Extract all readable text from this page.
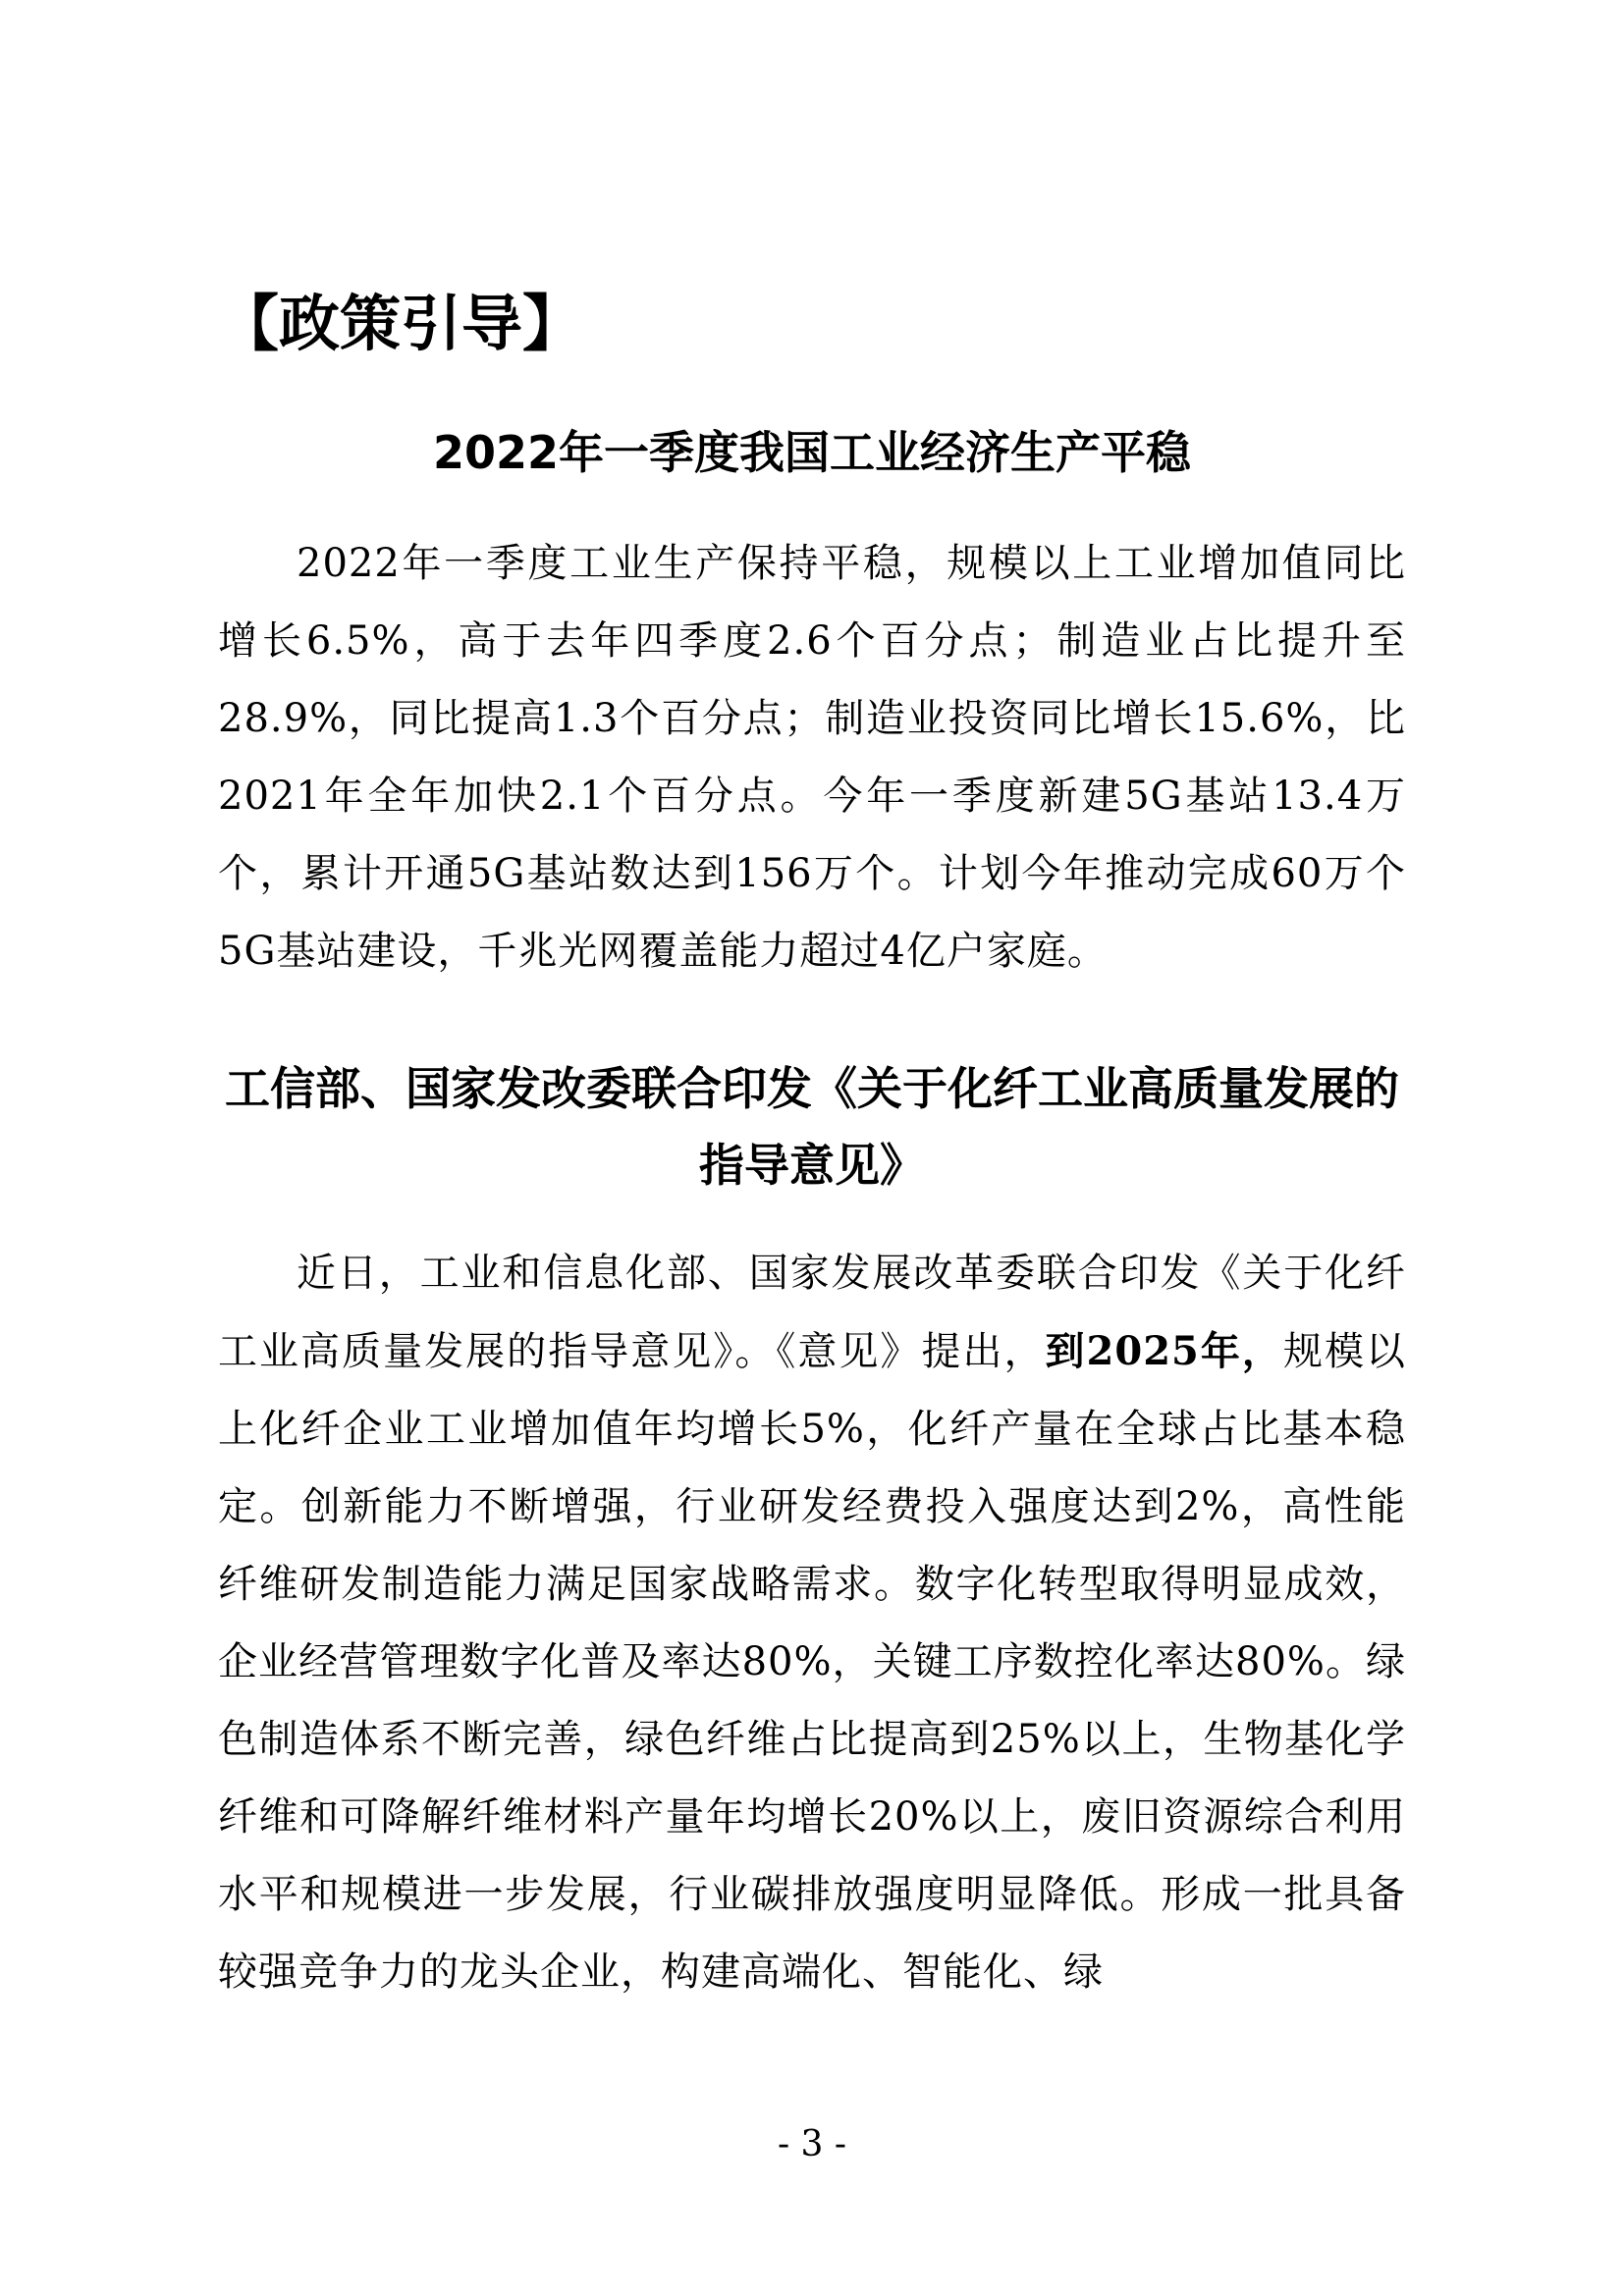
【政策引导】
2022年一季度我国工业经济生产平稳

2022年一季度工业生产保持平稳，规模以上工业增加值同比增长6.5%，高于去年四季度2.6个百分点；制造业占比提升至28.9%，同比提高1.3个百分点；制造业投资同比增长15.6%，比2021年全年加快2.1个百分点。今年一季度新建5G基站13.4万个，累计开通5G基站数达到156万个。计划今年推动完成60万个5G基站建设，千兆光网覆盖能力超过4亿户家庭。

工信部、国家发改委联合印发《关于化纤工业高质量发展的指导意见》

近日，工业和信息化部、国家发展改革委联合印发《关于化纤工业高质量发展的指导意见》。《意见》提出，到2025年，规模以上化纤企业工业增加值年均增长5%，化纤产量在全球占比基本稳定。创新能力不断增强，行业研发经费投入强度达到2%，高性能纤维研发制造能力满足国家战略需求。数字化转型取得明显成效，企业经营管理数字化普及率达80%，关键工序数控化率达80%。绿色制造体系不断完善，绿色纤维占比提高到25%以上，生物基化学纤维和可降解纤维材料产量年均增长20%以上，废旧资源综合利用水平和规模进一步发展，行业碳排放强度明显降低。形成一批具备较强竞争力的龙头企业，构建高端化、智能化、绿

- 3 -
